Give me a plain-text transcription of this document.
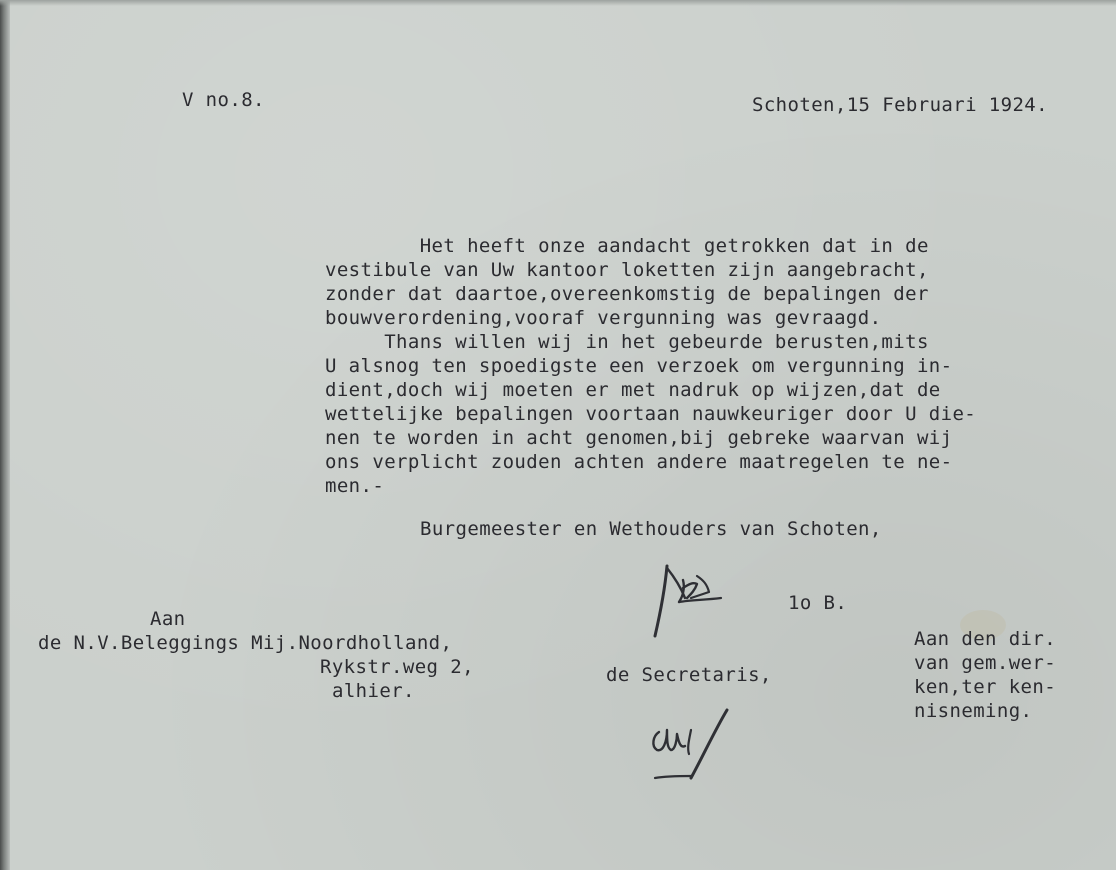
V no.8.	Schoten,15 Februari 1924.
Het heeft onze aandacht getrokken dat in de
vestibule van Uw kantoor loketten zijn aangebracht,
zonder dat daartoe,overeenkomstig de bepalingen der
bouwverordening,vooraf vergunning was gevraagd.
Thans willen wij in het gebeurde berusten,mits
U alsnog ten spoedigste een verzoek om vergunning in-
dient,doch wij moeten er met nadruk op wijzen,dat de
wettelijke bepalingen voortaan nauwkeuriger door U die-
nen te worden in acht genomen,bij gebreke waarvan wij
ons verplicht zouden achten andere maatregelen te ne-
men.-
Burgemeester en Wethouders van Schoten,
1o B.
Aan
de N.V.Beleggings Mij.Noordholland,
Rykstr.weg 2,
alhier.
de Secretaris,
Aan den dir.
van gem.wer-
ken,ter ken-
nisneming.
